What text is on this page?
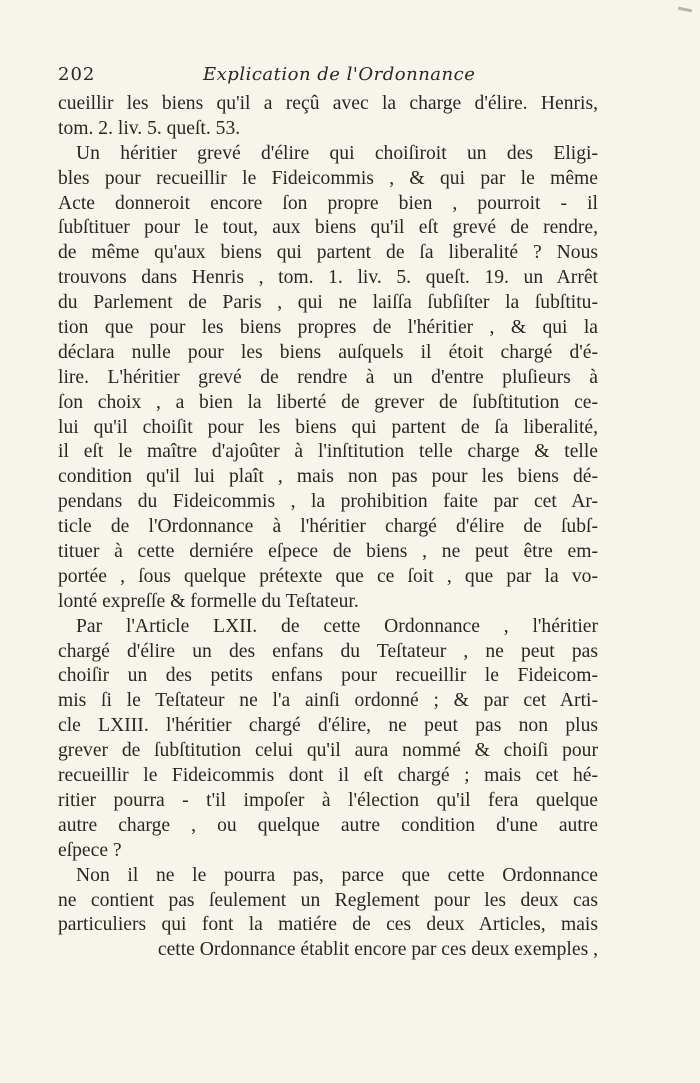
202	Explication de l'Ordonnance
cueillir les biens qu'il a reçû avec la charge d'élire. Henris,
tom. 2. liv. 5. queſt. 53.
Un héritier grevé d'élire qui choiſiroit un des Eligi-
bles pour recueillir le Fideicommis , & qui par le même
Acte donneroit encore ſon propre bien , pourroit - il
ſubſtituer pour le tout, aux biens qu'il eſt grevé de rendre,
de même qu'aux biens qui partent de ſa liberalité ? Nous
trouvons dans Henris , tom. 1. liv. 5. queſt. 19. un Arrêt
du Parlement de Paris , qui ne laiſſa ſubſiſter la ſubſtitu-
tion que pour les biens propres de l'héritier , & qui la
déclara nulle pour les biens auſquels il étoit chargé d'é-
lire. L'héritier grevé de rendre à un d'entre pluſieurs à
ſon choix , a bien la liberté de grever de ſubſtitution ce-
lui qu'il choiſit pour les biens qui partent de ſa liberalité,
il eſt le maître d'ajoûter à l'inſtitution telle charge & telle
condition qu'il lui plaît , mais non pas pour les biens dé-
pendans du Fideicommis , la prohibition faite par cet Ar-
ticle de l'Ordonnance à l'héritier chargé d'élire de ſubſ-
tituer à cette derniére eſpece de biens , ne peut être em-
portée , ſous quelque prétexte que ce ſoit , que par la vo-
lonté expreſſe & formelle du Teſtateur.
Par l'Article LXII. de cette Ordonnance , l'héritier
chargé d'élire un des enfans du Teſtateur , ne peut pas
choiſir un des petits enfans pour recueillir le Fideicom-
mis ſi le Teſtateur ne l'a ainſi ordonné ; & par cet Arti-
cle LXIII. l'héritier chargé d'élire, ne peut pas non plus
grever de ſubſtitution celui qu'il aura nommé & choiſi pour
recueillir le Fideicommis dont il eſt chargé ; mais cet hé-
ritier pourra - t'il impoſer à l'élection qu'il fera quelque
autre charge , ou quelque autre condition d'une autre
eſpece ?
Non il ne le pourra pas, parce que cette Ordonnance
ne contient pas ſeulement un Reglement pour les deux cas
particuliers qui font la matiére de ces deux Articles, mais
cette Ordonnance établit encore par ces deux exemples ,
